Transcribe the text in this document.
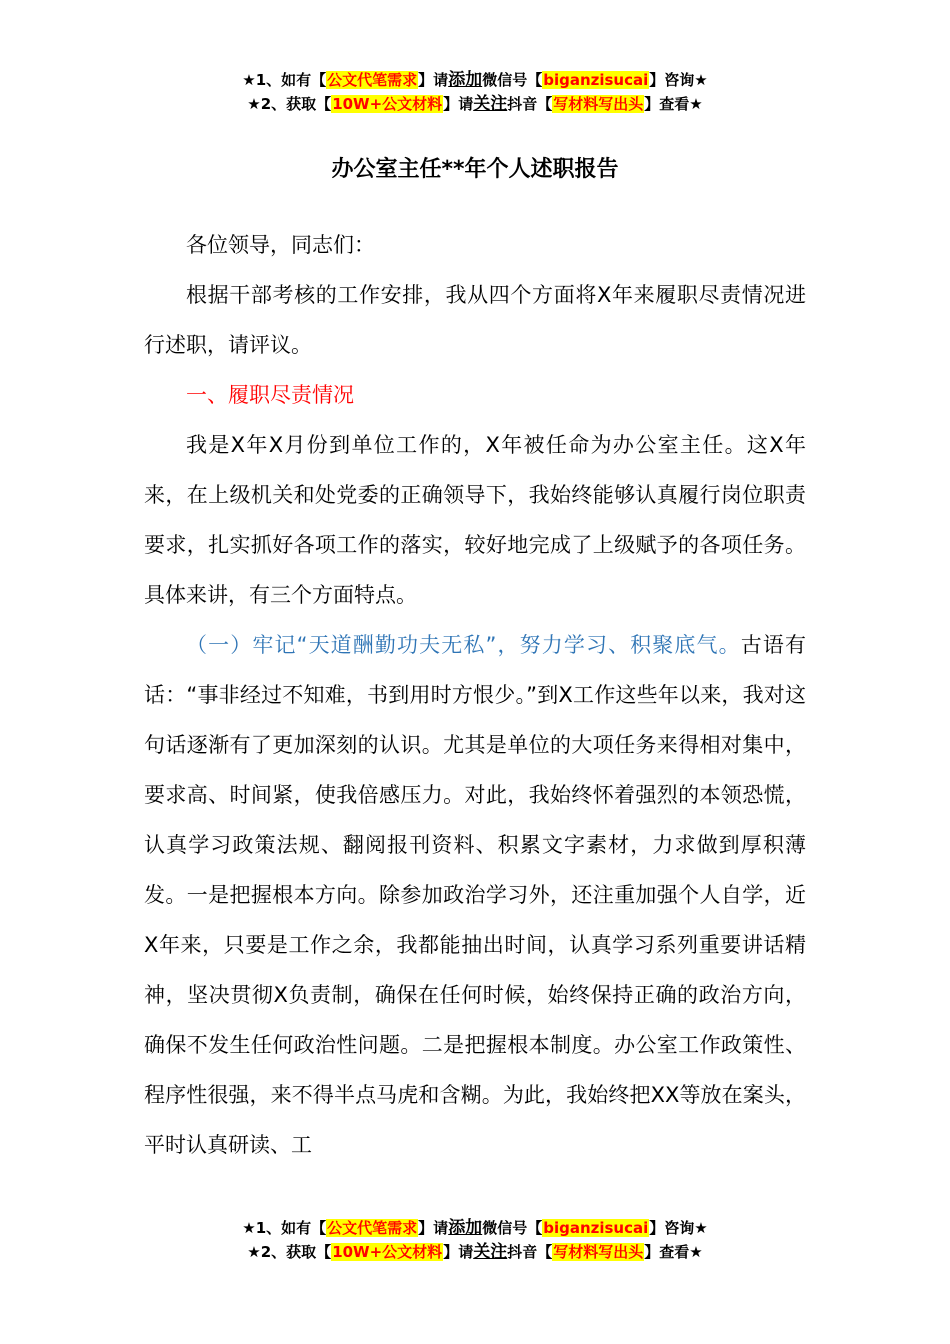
★1、如有【公文代笔需求】请添加微信号【biganzisucai】咨询★
★2、获取【10W+公文材料】请关注抖音【写材料写出头】查看★
办公室主任**年个人述职报告

各位领导，同志们：

根据干部考核的工作安排，我从四个方面将X年来履职尽责情况进行述职，请评议。

一、履职尽责情况

我是X年X月份到单位工作的，X年被任命为办公室主任。这X年来，在上级机关和处党委的正确领导下，我始终能够认真履行岗位职责要求，扎实抓好各项工作的落实，较好地完成了上级赋予的各项任务。具体来讲，有三个方面特点。

（一）牢记“天道酬勤功夫无私”，努力学习、积聚底气。古语有话：“事非经过不知难，书到用时方恨少。”到X工作这些年以来，我对这句话逐渐有了更加深刻的认识。尤其是单位的大项任务来得相对集中，要求高、时间紧，使我倍感压力。对此，我始终怀着强烈的本领恐慌，认真学习政策法规、翻阅报刊资料、积累文字素材，力求做到厚积薄发。一是把握根本方向。除参加政治学习外，还注重加强个人自学，近X年来，只要是工作之余，我都能抽出时间，认真学习系列重要讲话精神，坚决贯彻X负责制，确保在任何时候，始终保持正确的政治方向，确保不发生任何政治性问题。二是把握根本制度。办公室工作政策性、程序性很强，来不得半点马虎和含糊。为此，我始终把XX等放在案头，平时认真研读、工

★1、如有【公文代笔需求】请添加微信号【biganzisucai】咨询★
★2、获取【10W+公文材料】请关注抖音【写材料写出头】查看★
